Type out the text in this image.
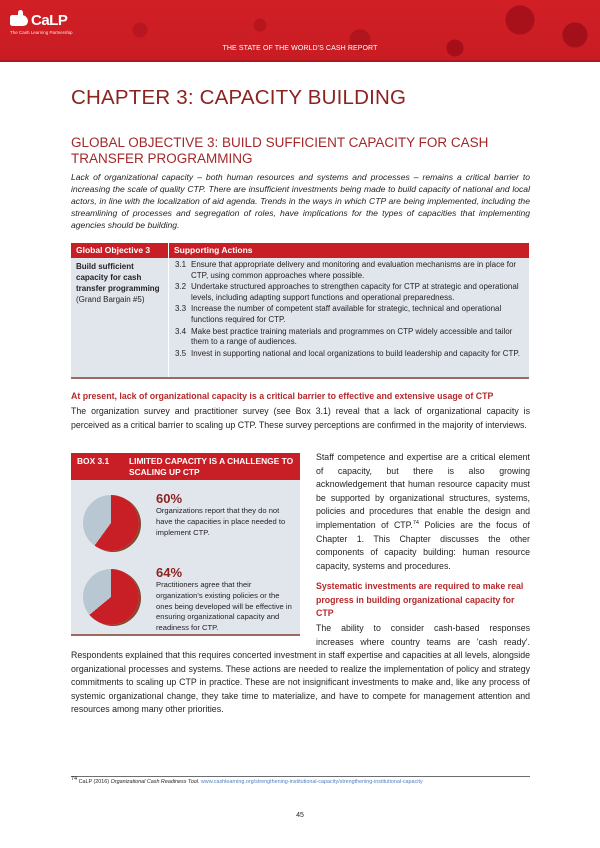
CaLP
The Cash Learning Partnership
THE STATE OF THE WORLD'S CASH REPORT
CHAPTER 3: CAPACITY BUILDING
GLOBAL OBJECTIVE 3: BUILD SUFFICIENT CAPACITY FOR CASH TRANSFER PROGRAMMING

Lack of organizational capacity – both human resources and systems and processes – remains a critical barrier to increasing the scale of quality CTP. There are insufficient investments being made to build capacity of national and local actors, in line with the localization of aid agenda. Trends in the ways in which CTP are being implemented, including the streamlining of processes and segregation of roles, have implications for the types of capacities that implementing agencies should be building.

Global Objective 3	Supporting Actions
Build sufficient capacity for cash transfer programming
(Grand Bargain #5)
3.1 Ensure that appropriate delivery and monitoring and evaluation mechanisms are in place for CTP, using common approaches where possible.
3.2 Undertake structured approaches to strengthen capacity for CTP at strategic and operational levels, including adapting support functions and operational preparedness.
3.3 Increase the number of competent staff available for strategic, technical and operational functions required for CTP.
3.4 Make best practice training materials and programmes on CTP widely accessible and tailor them to a range of audiences.
3.5 Invest in supporting national and local organizations to build leadership and capacity for CTP.
At present, lack of organizational capacity is a critical barrier to effective and extensive usage of CTP

The organization survey and practitioner survey (see Box 3.1) reveal that a lack of organizational capacity is perceived as a critical barrier to scaling up CTP. These survey perceptions are confirmed in the majority of interviews.

BOX 3.1 LIMITED CAPACITY IS A CHALLENGE TO
SCALING UP CTP
60%
Organizations report that they do not have the capacities in place needed to implement CTP.
64%
Practitioners agree that their organization's existing policies or the ones being developed will be effective in ensuring organizational capacity and readiness for CTP.

Staff competence and expertise are a critical element of capacity, but there is also growing acknowledgement that human resource capacity must be supported by organizational structures, systems, policies and procedures that enable the design and implementation of CTP.$^{74}$ Policies are the focus of Chapter 1. This Chapter discusses the other components of capacity building: human resource capacity, systems and procedures.

Systematic investments are required to make real progress in building organizational capacity for CTP

The ability to consider cash-based responses increases where country teams are 'cash ready'.

Respondents explained that this requires concerted investment in staff expertise and capacities at all levels, alongside organizational processes and systems. These actions are needed to realize the implementation of policy and strategy commitments to scaling up CTP in practice. These are not insignificant investments to make and, like any process of systemic organizational change, they take time to materialize, and have to compete for management attention and resources among many other priorities.

74 CaLP (2016) Organizational Cash Readiness Tool. www.cashlearning.org/strengthening-institutional-capacity/strengthening-institutional-capacity
45
